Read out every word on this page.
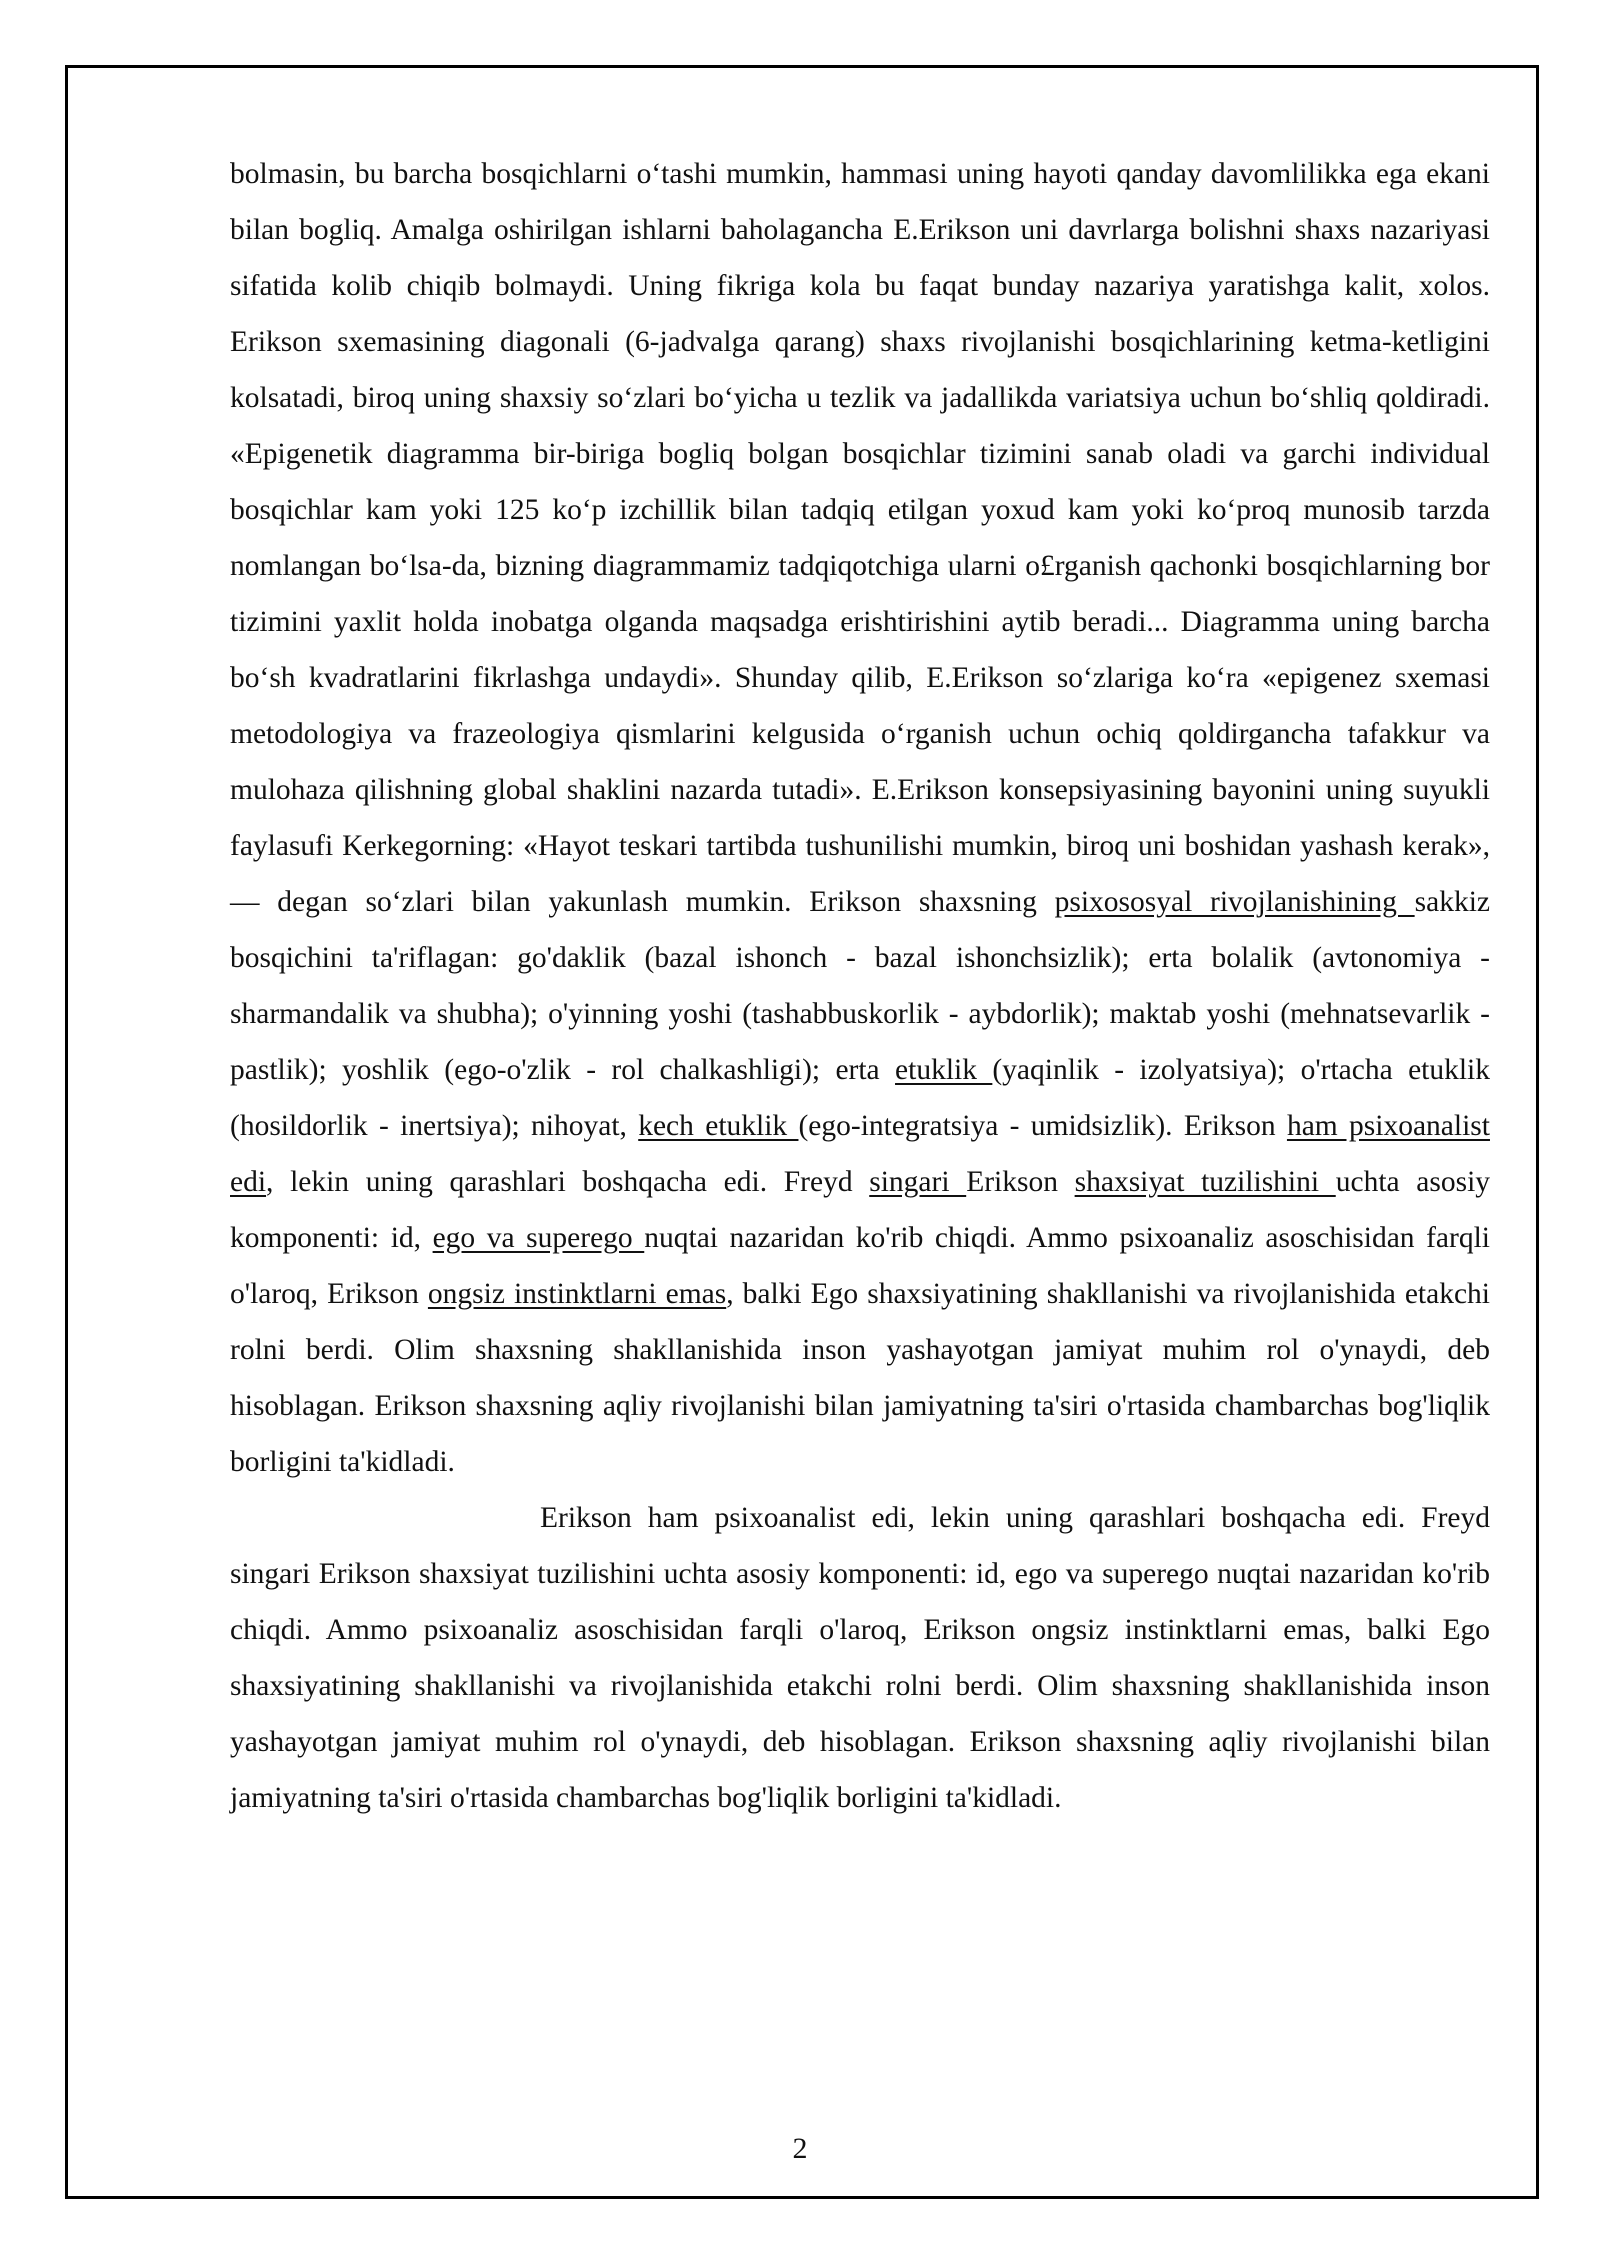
bolmasin, bu barcha bosqichlarni o‘tashi mumkin, hammasi uning hayoti qanday davomlilikka ega ekani bilan bogliq. Amalga oshirilgan ishlarni baholagancha E.Erikson uni davrlarga bolishni shaxs nazariyasi sifatida kolib chiqib bolmaydi. Uning fikriga kola bu faqat bunday nazariya yaratishga kalit, xolos. Erikson sxemasining diagonali (6-jadvalga qarang) shaxs rivojlanishi bosqichlarining ketma-ketligini kolsatadi, biroq uning shaxsiy so‘zlari bo‘yicha u tezlik va jadallikda variatsiya uchun bo‘shliq qoldiradi. «Epigenetik diagramma bir-biriga bogliq bolgan bosqichlar tizimini sanab oladi va garchi individual bosqichlar kam yoki 125 ko‘p izchillik bilan tadqiq etilgan yoxud kam yoki ko‘proq munosib tarzda nomlangan bo‘lsa-da, bizning diagrammamiz tadqiqotchiga ularni o£rganish qachonki bosqichlarning bor tizimini yaxlit holda inobatga olganda maqsadga erishtirishini aytib beradi... Diagramma uning barcha bo‘sh kvadratlarini fikrlashga undaydi». Shunday qilib, E.Erikson so‘zlariga ko‘ra «epigenez sxemasi metodologiya va frazeologiya qismlarini kelgusida o‘rganish uchun ochiq qoldirgancha tafakkur va mulohaza qilishning global shaklini nazarda tutadi». E.Erikson konsepsiyasining bayonini uning suyukli faylasufi Kerkegorning: «Hayot teskari tartibda tushunilishi mumkin, biroq uni boshidan yashash kerak», — degan so‘zlari bilan yakunlash mumkin. Erikson shaxsning psixososyal rivojlanishining sakkiz bosqichini ta'riflagan: go'daklik (bazal ishonch - bazal ishonchsizlik); erta bolalik (avtonomiya - sharmandalik va shubha); o'yinning yoshi (tashabbuskorlik - aybdorlik); maktab yoshi (mehnatsevarlik - pastlik); yoshlik (ego-o'zlik - rol chalkashligi); erta etuklik (yaqinlik - izolyatsiya); o'rtacha etuklik (hosildorlik - inertsiya); nihoyat, kech etuklik (ego-integratsiya - umidsizlik). Erikson ham psixoanalist edi, lekin uning qarashlari boshqacha edi. Freyd singari Erikson shaxsiyat tuzilishini uchta asosiy komponenti: id, ego va superego nuqtai nazaridan ko'rib chiqdi. Ammo psixoanaliz asoschisidan farqli o'laroq, Erikson ongsiz instinktlarni emas, balki Ego shaxsiyatining shakllanishi va rivojlanishida etakchi rolni berdi. Olim shaxsning shakllanishida inson yashayotgan jamiyat muhim rol o'ynaydi, deb hisoblagan. Erikson shaxsning aqliy rivojlanishi bilan jamiyatning ta'siri o'rtasida chambarchas bog'liqlik borligini ta'kidladi.

Erikson ham psixoanalist edi, lekin uning qarashlari boshqacha edi. Freyd singari Erikson shaxsiyat tuzilishini uchta asosiy komponenti: id, ego va superego nuqtai nazaridan ko'rib chiqdi. Ammo psixoanaliz asoschisidan farqli o'laroq, Erikson ongsiz instinktlarni emas, balki Ego shaxsiyatining shakllanishi va rivojlanishida etakchi rolni berdi. Olim shaxsning shakllanishida inson yashayotgan jamiyat muhim rol o'ynaydi, deb hisoblagan. Erikson shaxsning aqliy rivojlanishi bilan jamiyatning ta'siri o'rtasida chambarchas bog'liqlik borligini ta'kidladi.

2
